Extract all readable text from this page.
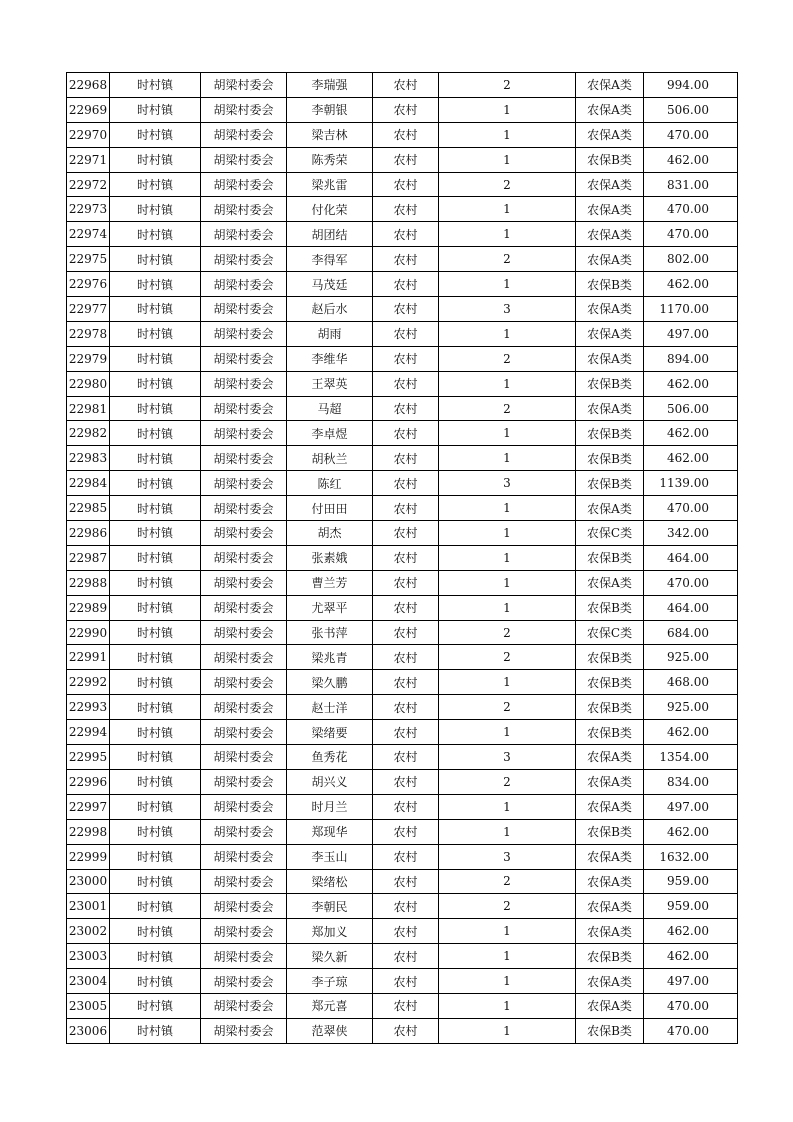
22968	时村镇	胡梁村委会	李瑞强	农村	2	农保A类	994.00
22969	时村镇	胡梁村委会	李朝银	农村	1	农保A类	506.00
22970	时村镇	胡梁村委会	梁吉林	农村	1	农保A类	470.00
22971	时村镇	胡梁村委会	陈秀荣	农村	1	农保B类	462.00
22972	时村镇	胡梁村委会	梁兆雷	农村	2	农保A类	831.00
22973	时村镇	胡梁村委会	付化荣	农村	1	农保A类	470.00
22974	时村镇	胡梁村委会	胡团结	农村	1	农保A类	470.00
22975	时村镇	胡梁村委会	李得军	农村	2	农保A类	802.00
22976	时村镇	胡梁村委会	马茂廷	农村	1	农保B类	462.00
22977	时村镇	胡梁村委会	赵后水	农村	3	农保A类	1170.00
22978	时村镇	胡梁村委会	胡雨	农村	1	农保A类	497.00
22979	时村镇	胡梁村委会	李维华	农村	2	农保A类	894.00
22980	时村镇	胡梁村委会	王翠英	农村	1	农保B类	462.00
22981	时村镇	胡梁村委会	马超	农村	2	农保A类	506.00
22982	时村镇	胡梁村委会	李卓煜	农村	1	农保B类	462.00
22983	时村镇	胡梁村委会	胡秋兰	农村	1	农保B类	462.00
22984	时村镇	胡梁村委会	陈红	农村	3	农保B类	1139.00
22985	时村镇	胡梁村委会	付田田	农村	1	农保A类	470.00
22986	时村镇	胡梁村委会	胡杰	农村	1	农保C类	342.00
22987	时村镇	胡梁村委会	张素娥	农村	1	农保B类	464.00
22988	时村镇	胡梁村委会	曹兰芳	农村	1	农保A类	470.00
22989	时村镇	胡梁村委会	尤翠平	农村	1	农保B类	464.00
22990	时村镇	胡梁村委会	张书萍	农村	2	农保C类	684.00
22991	时村镇	胡梁村委会	梁兆青	农村	2	农保B类	925.00
22992	时村镇	胡梁村委会	梁久鹏	农村	1	农保B类	468.00
22993	时村镇	胡梁村委会	赵士洋	农村	2	农保B类	925.00
22994	时村镇	胡梁村委会	梁绪要	农村	1	农保B类	462.00
22995	时村镇	胡梁村委会	鱼秀花	农村	3	农保A类	1354.00
22996	时村镇	胡梁村委会	胡兴义	农村	2	农保A类	834.00
22997	时村镇	胡梁村委会	时月兰	农村	1	农保A类	497.00
22998	时村镇	胡梁村委会	郑现华	农村	1	农保B类	462.00
22999	时村镇	胡梁村委会	李玉山	农村	3	农保A类	1632.00
23000	时村镇	胡梁村委会	梁绪松	农村	2	农保A类	959.00
23001	时村镇	胡梁村委会	李朝民	农村	2	农保A类	959.00
23002	时村镇	胡梁村委会	郑加义	农村	1	农保A类	462.00
23003	时村镇	胡梁村委会	梁久新	农村	1	农保B类	462.00
23004	时村镇	胡梁村委会	李子琼	农村	1	农保A类	497.00
23005	时村镇	胡梁村委会	郑元喜	农村	1	农保A类	470.00
23006	时村镇	胡梁村委会	范翠侠	农村	1	农保B类	470.00
